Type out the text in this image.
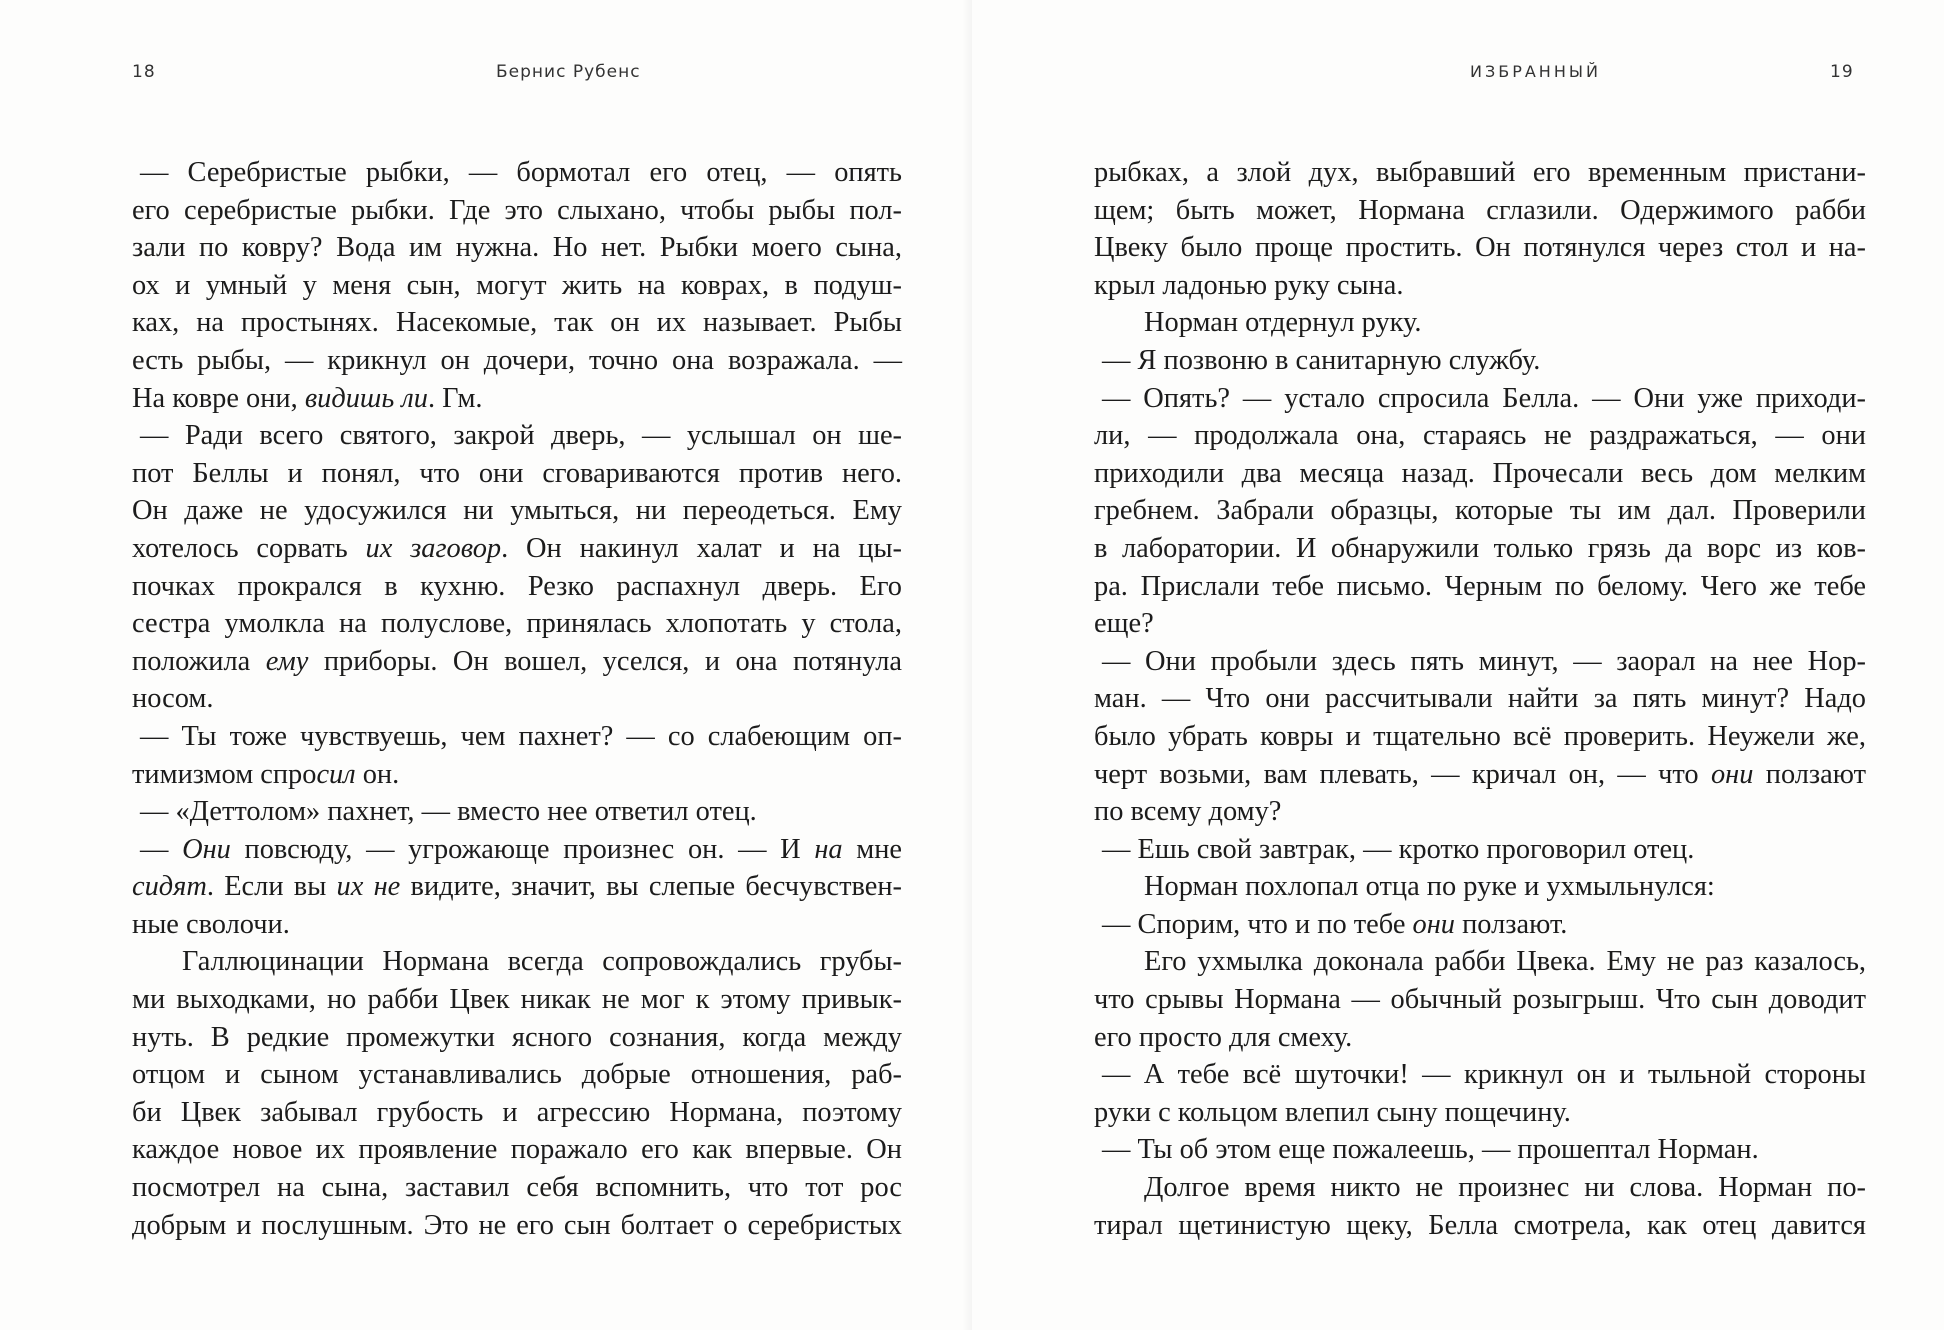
18	Бернис Рубенс
— Серебристые рыбки, — бормотал его отец, — опять
его серебристые рыбки. Где это слыхано, чтобы рыбы пол-
зали по ковру? Вода им нужна. Но нет. Рыбки моего сына,
ох и умный у меня сын, могут жить на коврах, в подуш-
ках, на простынях. Насекомые, так он их называет. Рыбы
есть рыбы, — крикнул он дочери, точно она возражала. —
На ковре они, видишь ли. Гм.
— Ради всего святого, закрой дверь, — услышал он ше-
пот Беллы и понял, что они сговариваются против него.
Он даже не удосужился ни умыться, ни переодеться. Ему
хотелось сорвать их заговор. Он накинул халат и на цы-
почках прокрался в кухню. Резко распахнул дверь. Его
сестра умолкла на полуслове, принялась хлопотать у стола,
положила ему приборы. Он вошел, уселся, и она потянула
носом.
— Ты тоже чувствуешь, чем пахнет? — со слабеющим оп-
тимизмом спросил он.
— «Деттолом» пахнет, — вместо нее ответил отец.
— Они повсюду, — угрожающе произнес он. — И на мне
сидят. Если вы их не видите, значит, вы слепые бесчувствен-
ные сволочи.
Галлюцинации Нормана всегда сопровождались грубы-
ми выходками, но рабби Цвек никак не мог к этому привык-
нуть. В редкие промежутки ясного сознания, когда между
отцом и сыном устанавливались добрые отношения, раб-
би Цвек забывал грубость и агрессию Нормана, поэтому
каждое новое их проявление поражало его как впервые. Он
посмотрел на сына, заставил себя вспомнить, что тот рос
добрым и послушным. Это не его сын болтает о серебристых
ИЗБРАННЫЙ	19
рыбках, а злой дух, выбравший его временным пристани-
щем; быть может, Нормана сглазили. Одержимого рабби
Цвеку было проще простить. Он потянулся через стол и на-
крыл ладонью руку сына.
Норман отдернул руку.
— Я позвоню в санитарную службу.
— Опять? — устало спросила Белла. — Они уже приходи-
ли, — продолжала она, стараясь не раздражаться, — они
приходили два месяца назад. Прочесали весь дом мелким
гребнем. Забрали образцы, которые ты им дал. Проверили
в лаборатории. И обнаружили только грязь да ворс из ков-
ра. Прислали тебе письмо. Черным по белому. Чего же тебе
еще?
— Они пробыли здесь пять минут, — заорал на нее Нор-
ман. — Что они рассчитывали найти за пять минут? Надо
было убрать ковры и тщательно всё проверить. Неужели же,
черт возьми, вам плевать, — кричал он, — что они ползают
по всему дому?
— Ешь свой завтрак, — кротко проговорил отец.
Норман похлопал отца по руке и ухмыльнулся:
— Спорим, что и по тебе они ползают.
Его ухмылка доконала рабби Цвека. Ему не раз казалось,
что срывы Нормана — обычный розыгрыш. Что сын доводит
его просто для смеху.
— А тебе всё шуточки! — крикнул он и тыльной стороны
руки с кольцом влепил сыну пощечину.
— Ты об этом еще пожалеешь, — прошептал Норман.
Долгое время никто не произнес ни слова. Норман по-
тирал щетинистую щеку, Белла смотрела, как отец давится
